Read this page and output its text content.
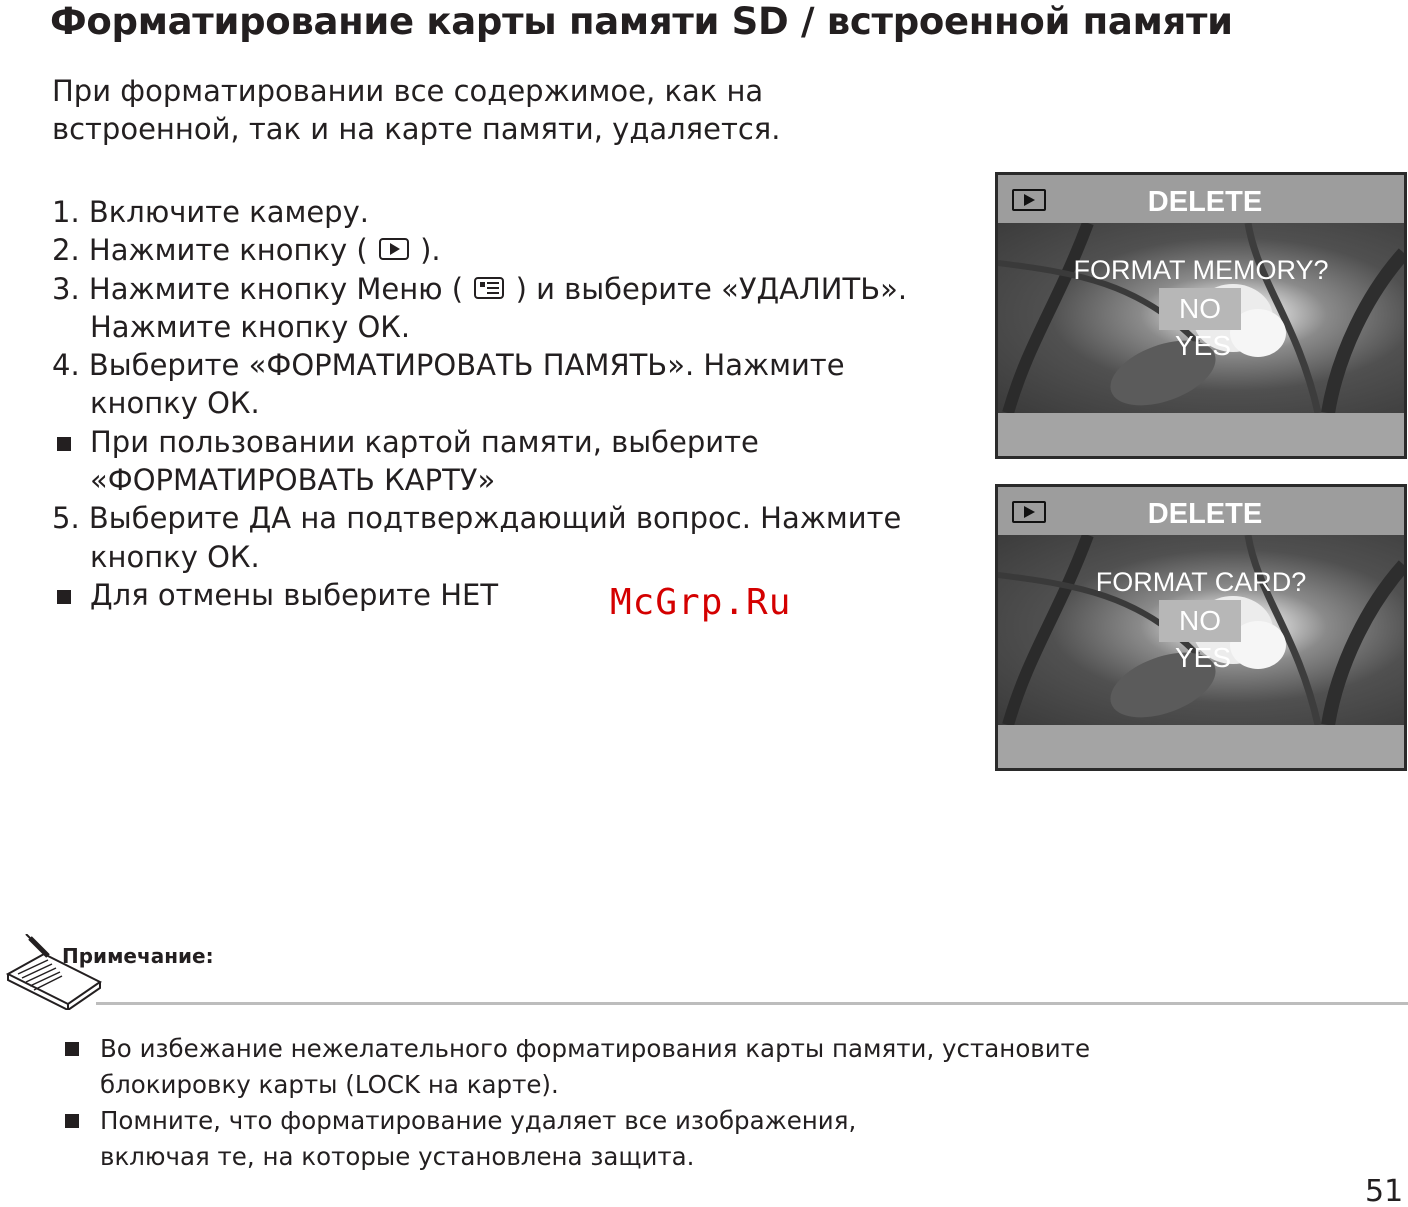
Форматирование карты памяти SD / встроенной памяти
При форматировании все содержимое, как на
встроенной, так и на карте памяти, удаляется.
1. Включите камеру.
2. Нажмите кнопку ( ).
3. Нажмите кнопку Меню ( ) и выберите «УДАЛИТЬ».
Нажмите кнопку ОК.
4. Выберите «ФОРМАТИРОВАТЬ ПАМЯТЬ». Нажмите
кнопку ОК.
При пользовании картой памяти, выберите
«ФОРМАТИРОВАТЬ КАРТУ»
5. Выберите ДА на подтверждающий вопрос. Нажмите
кнопку ОК.
Для отмены выберите НЕТ	McGrp.Ru
DELETE
FORMAT MEMORY?
NO
YES
DELETE
FORMAT CARD?
NO
YES
Примечание:
Во избежание нежелательного форматирования карты памяти, установите
блокировку карты (LOCK на карте).
Помните, что форматирование удаляет все изображения,
включая те, на которые установлена защита.
51
